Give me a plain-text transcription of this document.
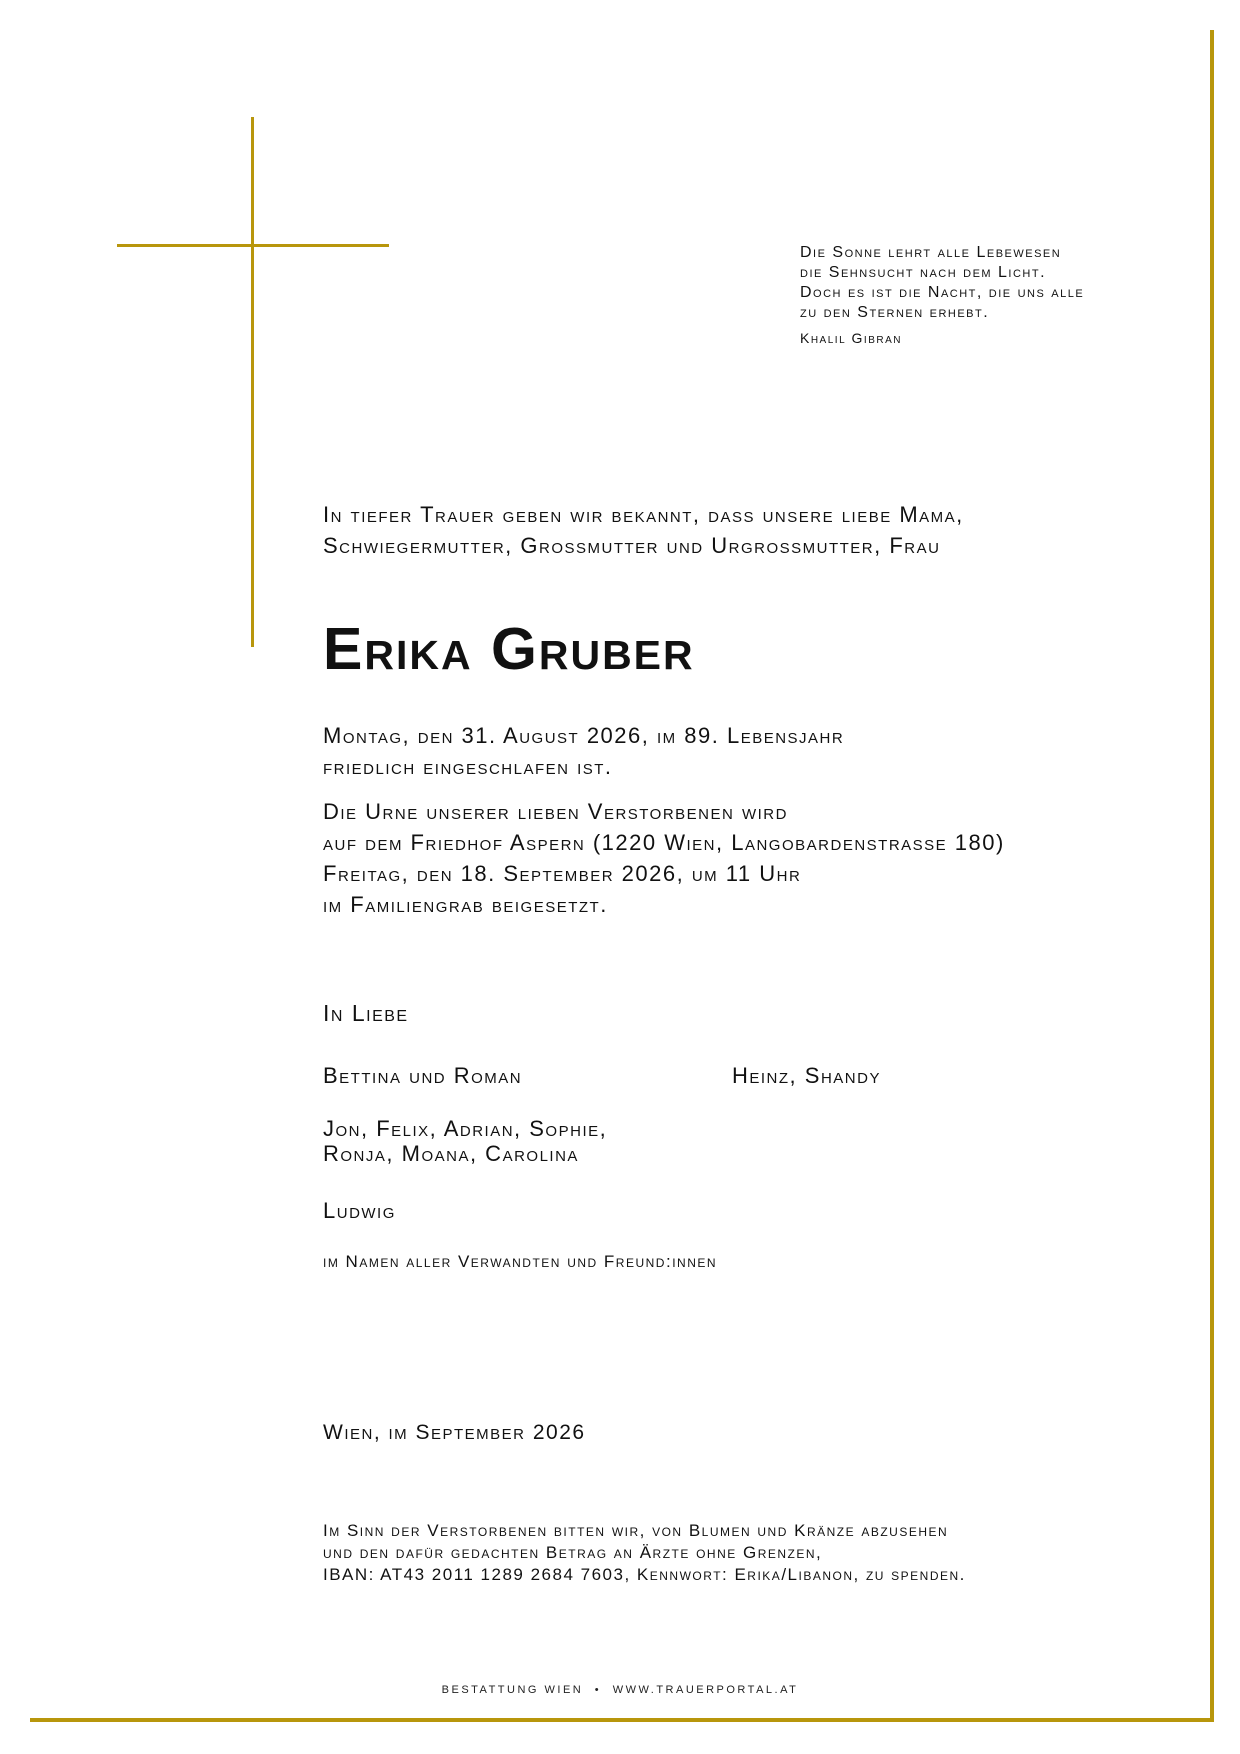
Die Sonne lehrt alle Lebewesen
die Sehnsucht nach dem Licht.
Doch es ist die Nacht, die uns alle
zu den Sternen erhebt.
Khalil Gibran
In tiefer Trauer geben wir bekannt, dass unsere liebe Mama,
Schwiegermutter, Grossmutter und Urgrossmutter, Frau
Erika Gruber
Montag, den 31. August 2026, im 89. Lebensjahr
friedlich eingeschlafen ist.
Die Urne unserer lieben Verstorbenen wird
auf dem Friedhof Aspern (1220 Wien, Langobardenstrasse 180)
Freitag, den 18. September 2026, um 11 Uhr
im Familiengrab beigesetzt.
In Liebe
Bettina und Roman	Heinz, Shandy
Jon, Felix, Adrian, Sophie,
Ronja, Moana, Carolina
Ludwig
im Namen aller Verwandten und Freund:innen
Wien, im September 2026
Im Sinn der Verstorbenen bitten wir, von Blumen und Kränze abzusehen
und den dafür gedachten Betrag an Ärzte ohne Grenzen,
IBAN: AT43 2011 1289 2684 7603, Kennwort: Erika/Libanon, zu spenden.
BESTATTUNG WIEN • WWW.TRAUERPORTAL.AT
